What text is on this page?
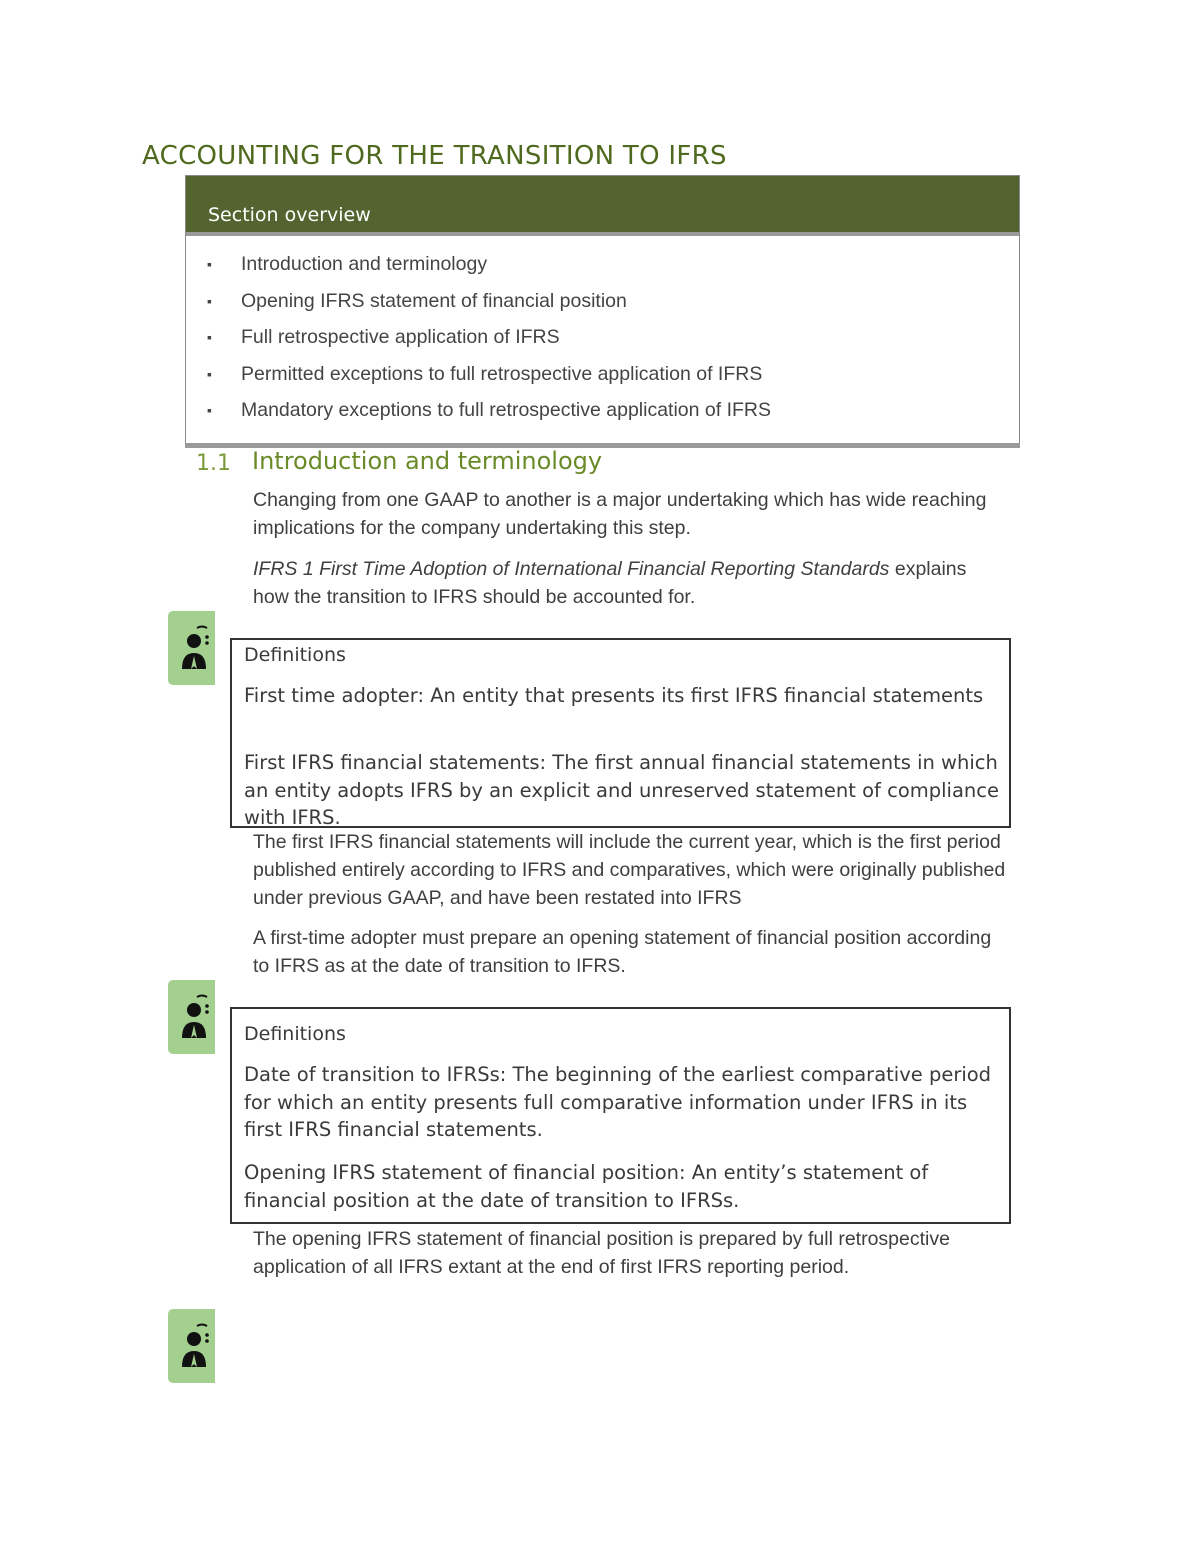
ACCOUNTING FOR THE TRANSITION TO IFRS
Section overview
▪ Introduction and terminology
▪ Opening IFRS statement of financial position
▪ Full retrospective application of IFRS
▪ Permitted exceptions to full retrospective application of IFRS
▪ Mandatory exceptions to full retrospective application of IFRS
1.1 Introduction and terminology

Changing from one GAAP to another is a major undertaking which has wide reaching implications for the company undertaking this step.

IFRS 1 First Time Adoption of International Financial Reporting Standards explains how the transition to IFRS should be accounted for.

Definitions
First time adopter: An entity that presents its first IFRS financial statements
First IFRS financial statements: The first annual financial statements in which an entity adopts IFRS by an explicit and unreserved statement of compliance with IFRS.

The first IFRS financial statements will include the current year, which is the first period published entirely according to IFRS and comparatives, which were originally published under previous GAAP, and have been restated into IFRS

A first-time adopter must prepare an opening statement of financial position according to IFRS as at the date of transition to IFRS.

Definitions
Date of transition to IFRSs: The beginning of the earliest comparative period for which an entity presents full comparative information under IFRS in its first IFRS financial statements.
Opening IFRS statement of financial position: An entity’s statement of financial position at the date of transition to IFRSs.

The opening IFRS statement of financial position is prepared by full retrospective application of all IFRS extant at the end of first IFRS reporting period.
